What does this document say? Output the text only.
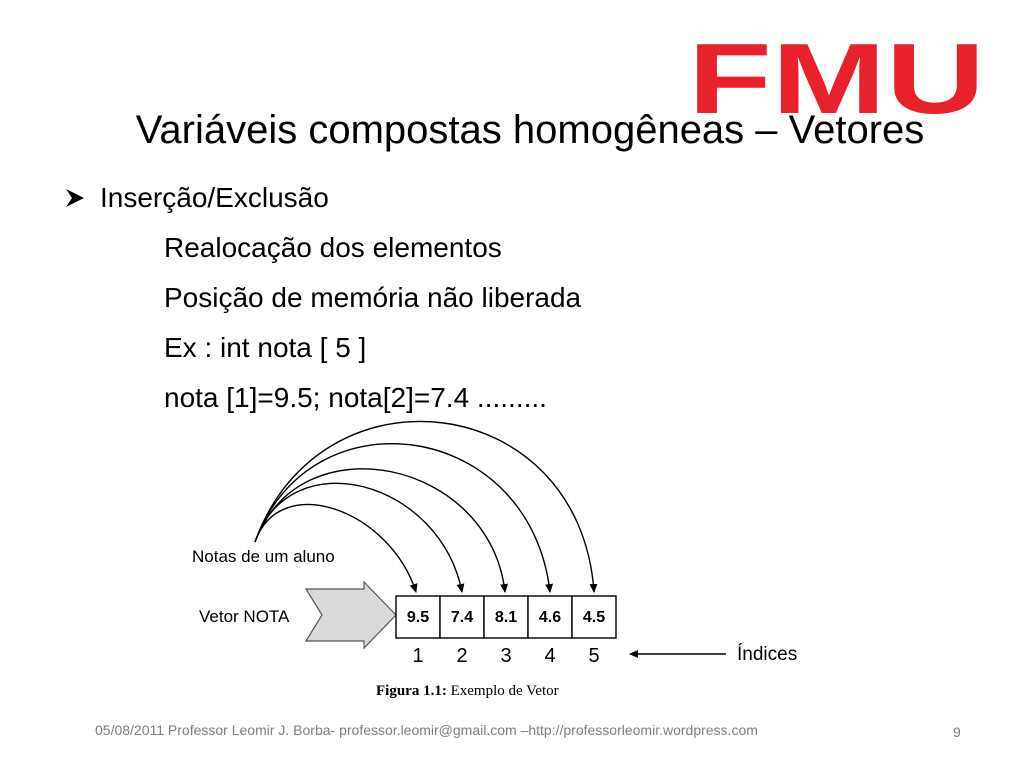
FMU
Variáveis compostas homogêneas – Vetores
Inserção/Exclusão
Realocação dos elementos
Posição de memória não liberada
Ex : int nota [ 5 ]
nota [1]=9.5; nota[2]=7.4 .........
Notas de um aluno
Vetor NOTA	9.5 7.4 8.1 4.6 4.5
1 2 3 4 5	Índices
Figura 1.1: Exemplo de Vetor
05/08/2011 Professor Leomir J. Borba- professor.leomir@gmail.com –http://professorleomir.wordpress.com	9
